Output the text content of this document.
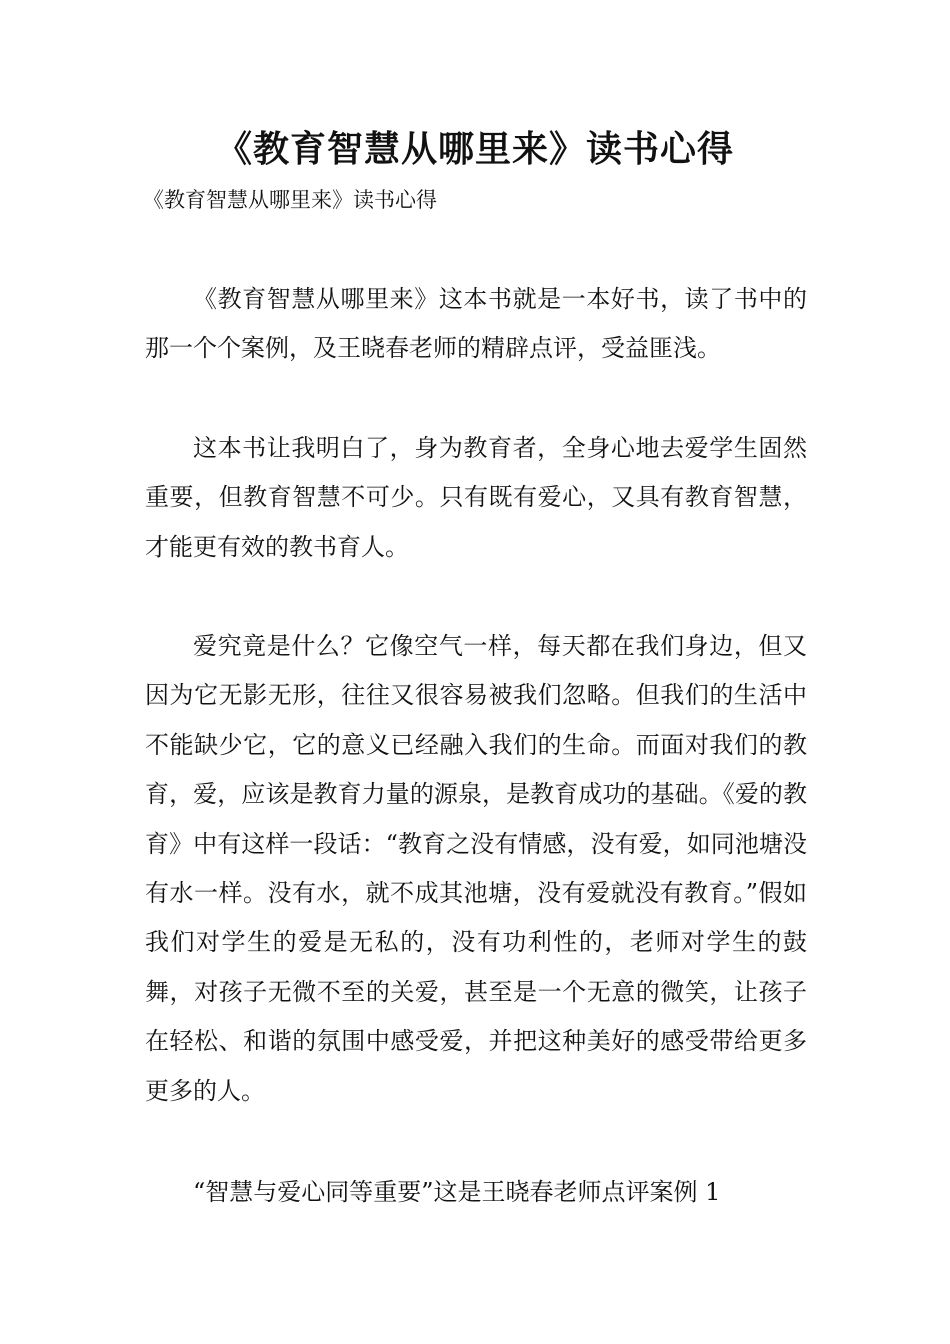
《教育智慧从哪里来》读书心得

《教育智慧从哪里来》读书心得

《教育智慧从哪里来》这本书就是一本好书，读了书中的那一个个案例，及王晓春老师的精辟点评，受益匪浅。

这本书让我明白了，身为教育者，全身心地去爱学生固然重要，但教育智慧不可少。只有既有爱心，又具有教育智慧，才能更有效的教书育人。

爱究竟是什么？它像空气一样，每天都在我们身边，但又因为它无影无形，往往又很容易被我们忽略。但我们的生活中不能缺少它，它的意义已经融入我们的生命。而面对我们的教育，爱，应该是教育力量的源泉，是教育成功的基础。《爱的教育》中有这样一段话：“教育之没有情感，没有爱，如同池塘没有水一样。没有水，就不成其池塘，没有爱就没有教育。”假如我们对学生的爱是无私的，没有功利性的，老师对学生的鼓舞，对孩子无微不至的关爱，甚至是一个无意的微笑，让孩子在轻松、和谐的氛围中感受爱，并把这种美好的感受带给更多更多的人。

“智慧与爱心同等重要”这是王晓春老师点评案例 1
